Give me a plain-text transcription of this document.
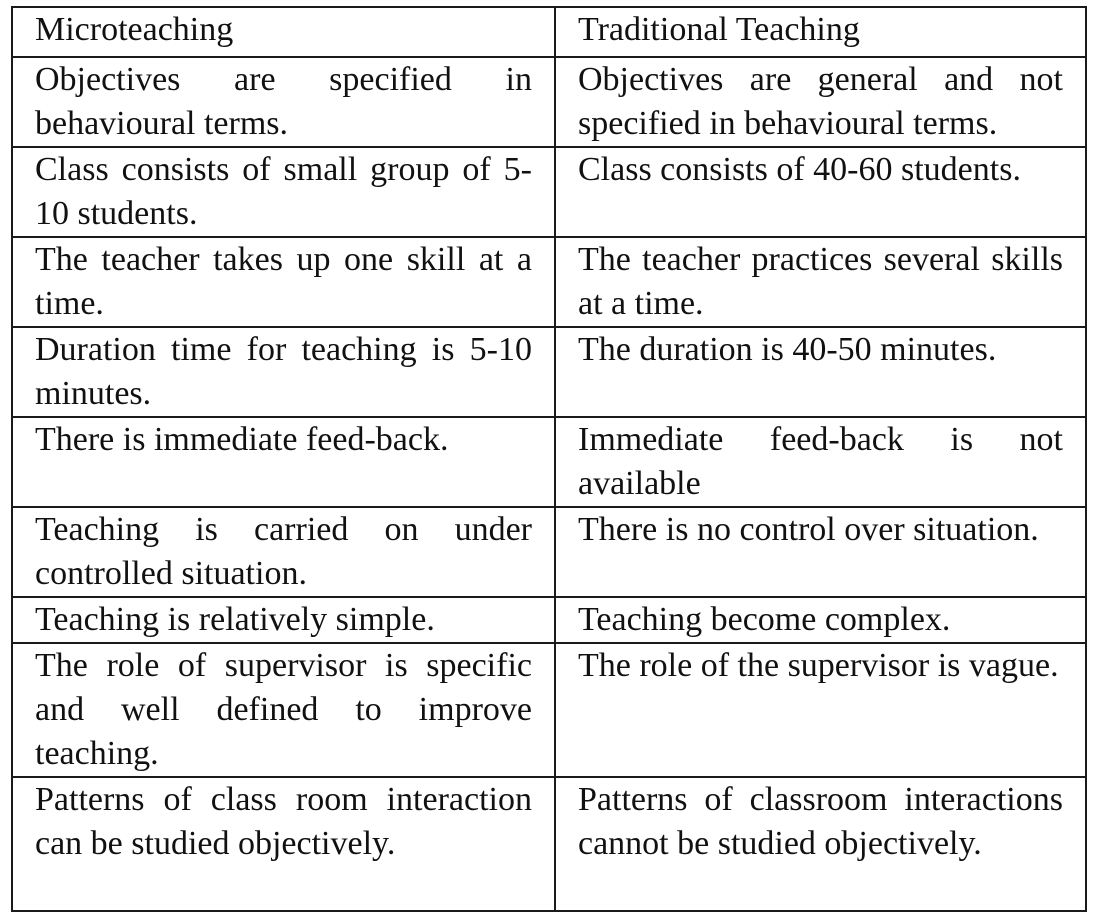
Microteaching	Traditional Teaching
Objectives are specified in behavioural terms.	Objectives are general and not specified in behavioural terms.
Class consists of small group of 5-10 students.	Class consists of 40-60 students.
The teacher takes up one skill at a time.	The teacher practices several skills at a time.
Duration time for teaching is 5-10 minutes.	The duration is 40-50 minutes.
There is immediate feed-back.	Immediate feed-back is not available
Teaching is carried on under controlled situation.	There is no control over situation.
Teaching is relatively simple.	Teaching become complex.
The role of supervisor is specific and well defined to improve teaching.	The role of the supervisor is vague.
Patterns of class room interaction can be studied objectively.	Patterns of classroom interactions cannot be studied objectively.
